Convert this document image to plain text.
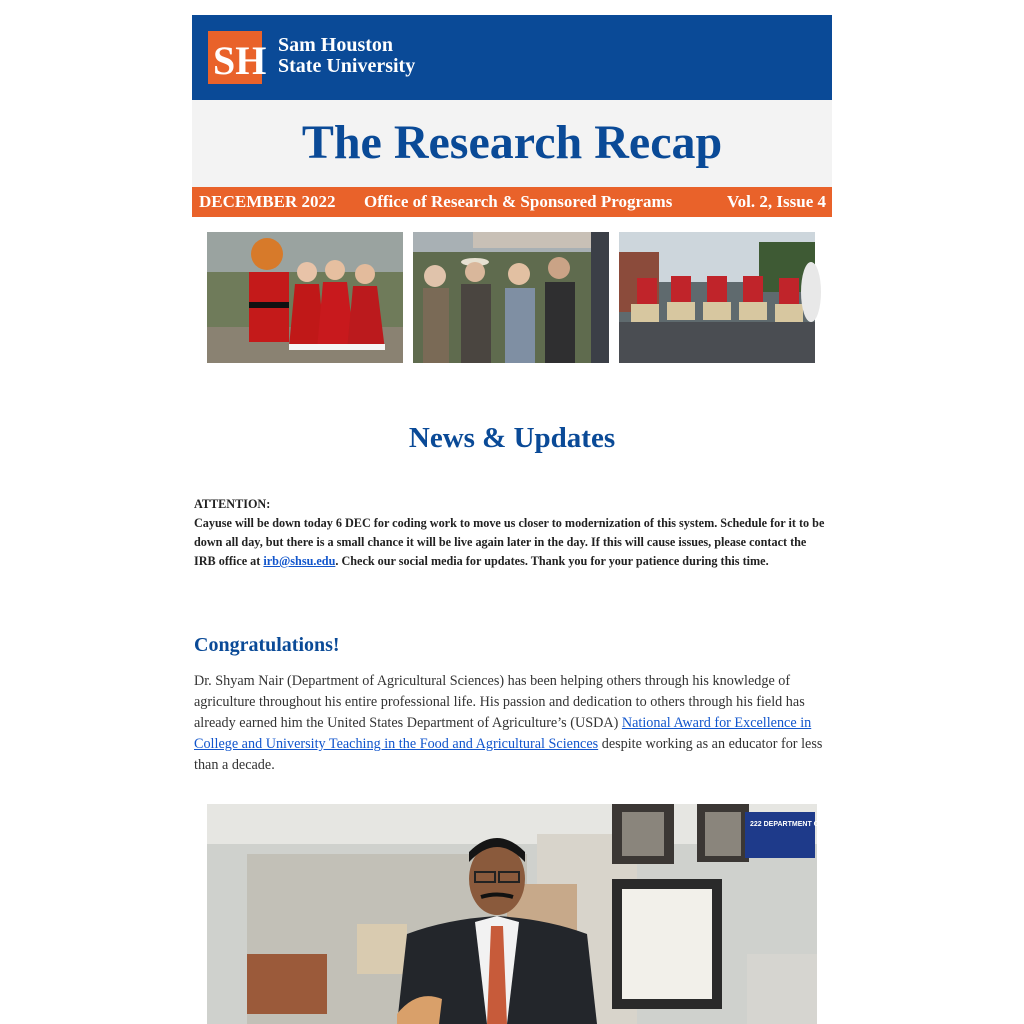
SH Sam Houston
State University
The Research Recap
DECEMBER 2022 Office of Research & Sponsored Programs	Vol. 2, Issue 4
News & Updates
ATTENTION:
Cayuse will be down today 6 DEC for coding work to move us closer to modernization of this system. Schedule for it to be down all day, but there is a small chance it will be live again later in the day. If this will cause issues, please contact the IRB office at irb@shsu.edu. Check our social media for updates. Thank you for your patience during this time.
Congratulations!
Dr. Shyam Nair (Department of Agricultural Sciences) has been helping others through his knowledge of agriculture throughout his entire professional life. His passion and dedication to others through his field has already earned him the United States Department of Agriculture’s (USDA) National Award for Excellence in College and University Teaching in the Food and Agricultural Sciences despite working as an educator for less than a decade.
222 DEPARTMENT OF AGRICULTURAL SCIENCES
